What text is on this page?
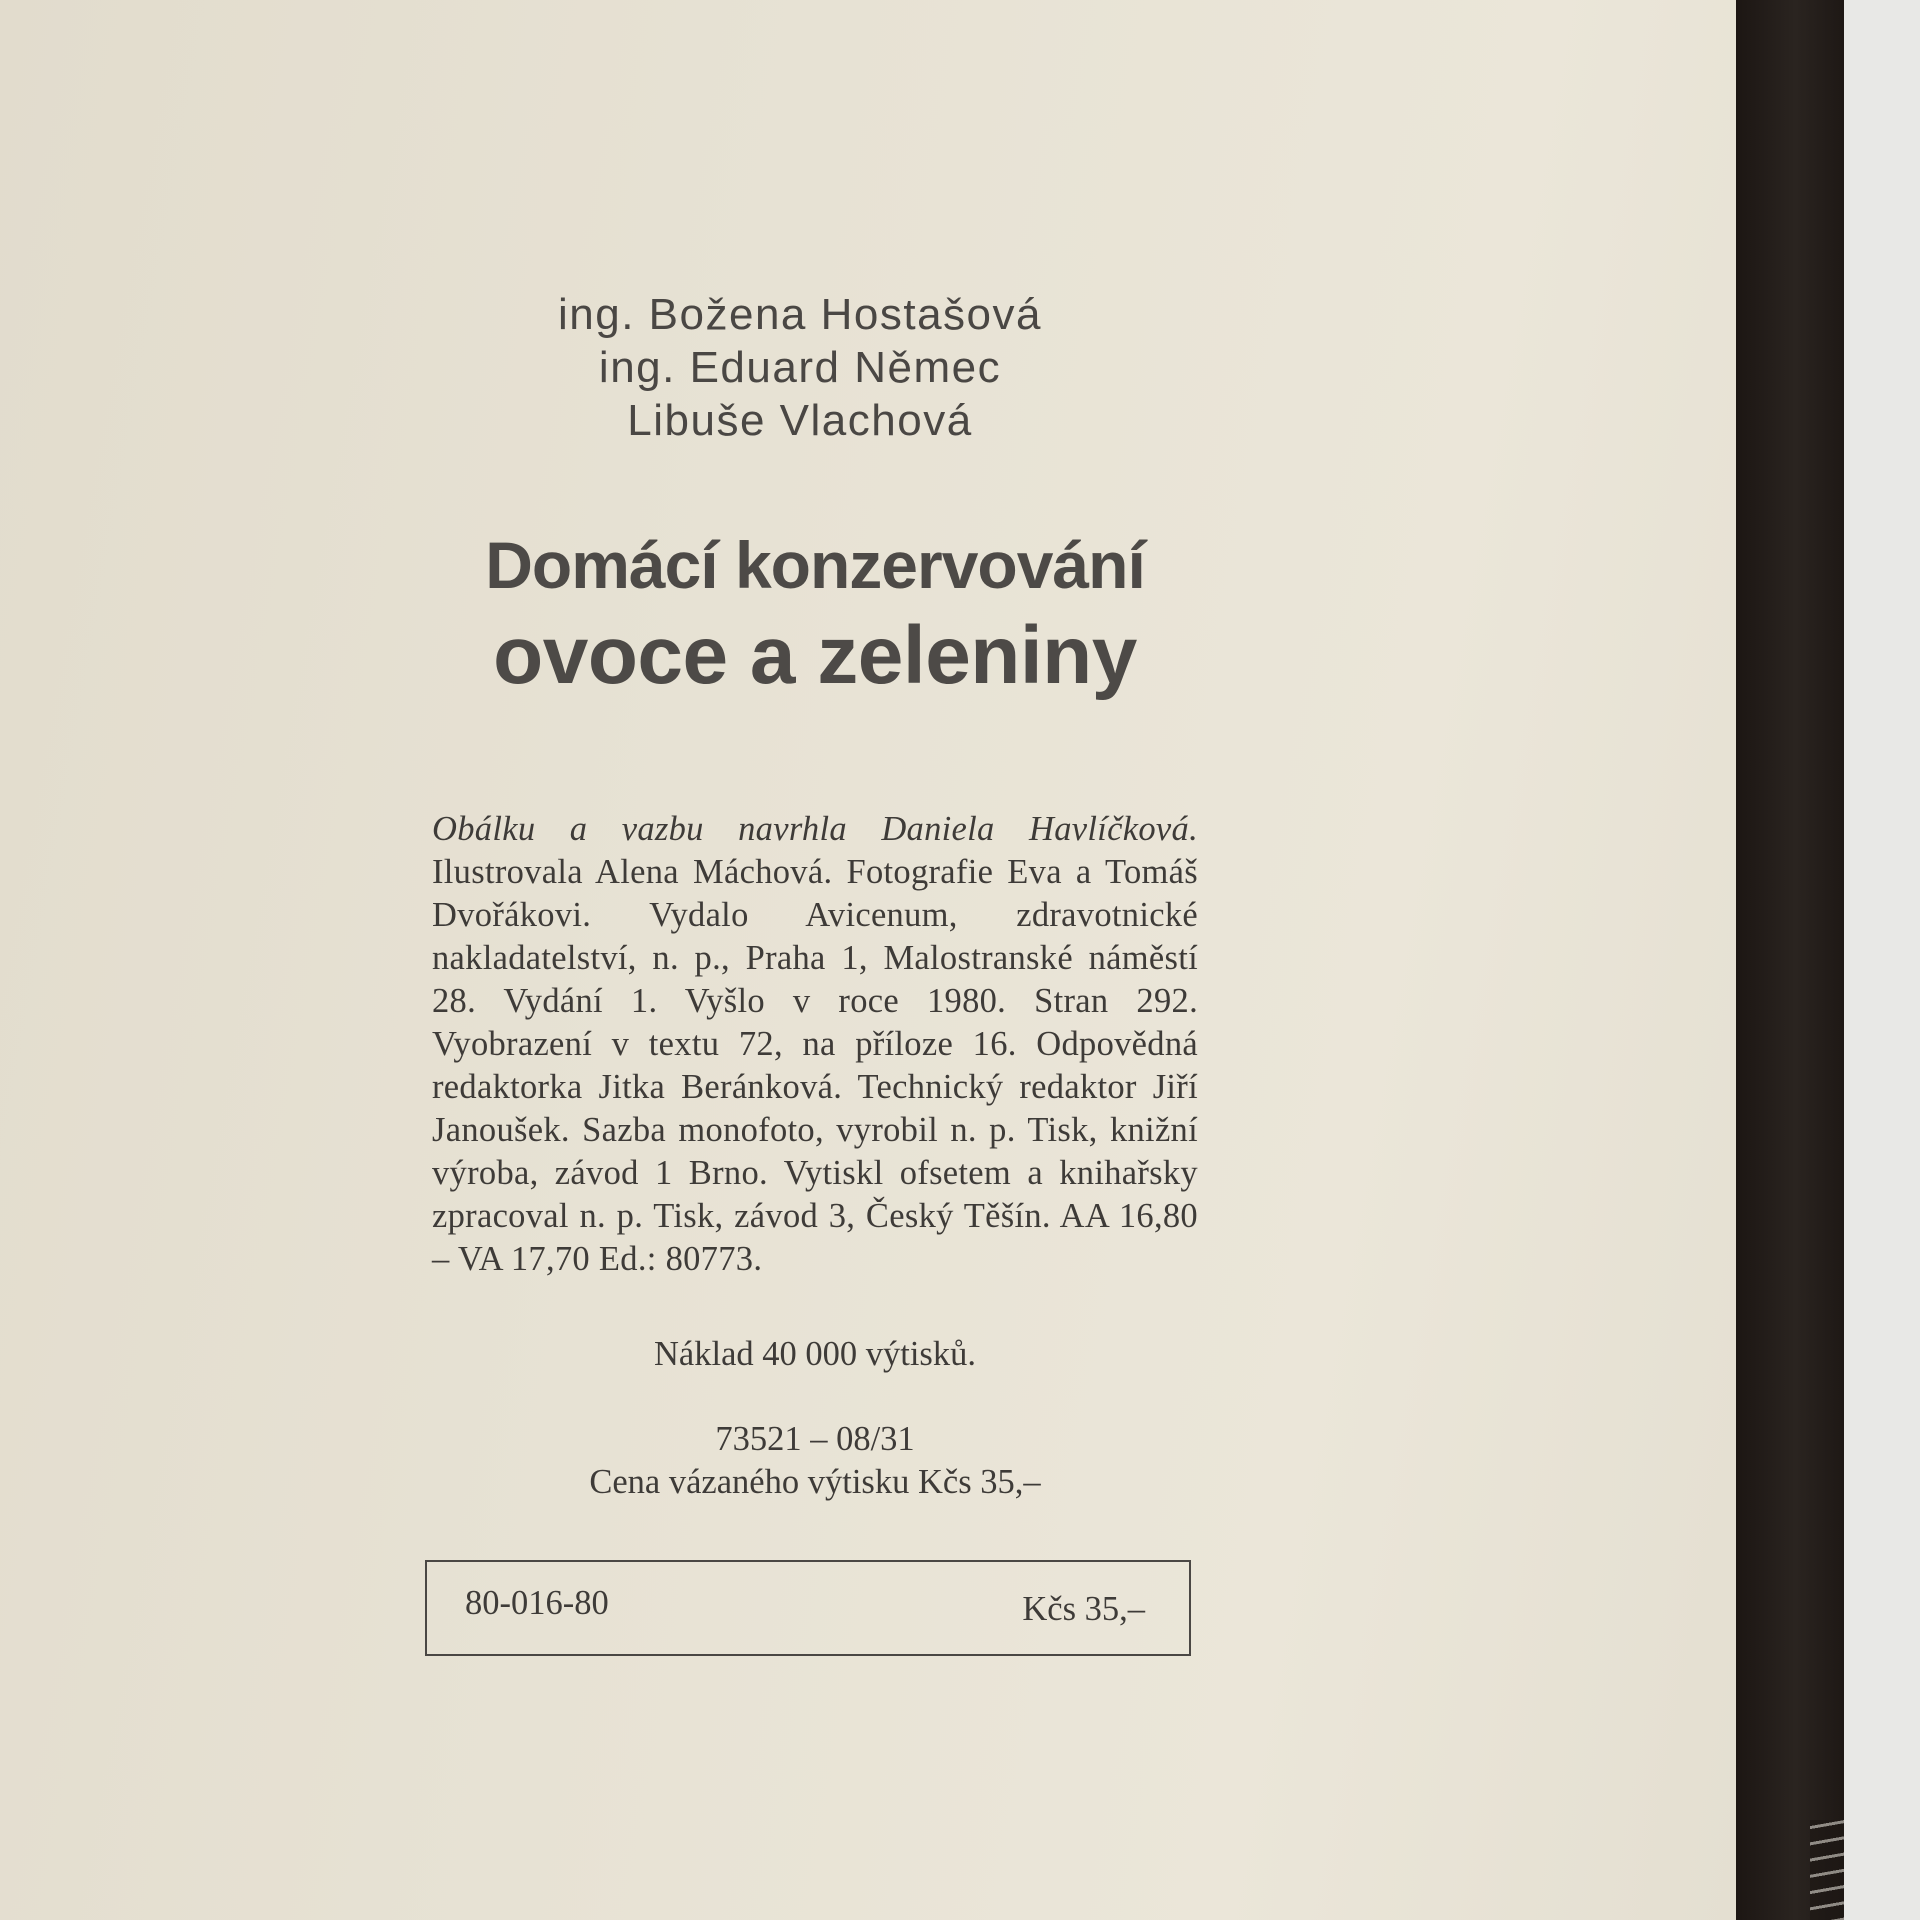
ing. Božena Hostašová
ing. Eduard Němec
Libuše Vlachová
Domácí konzervování
ovoce a zeleniny
Obálku a vazbu navrhla Daniela Havlíčková. Ilustrovala Alena Máchová. Fotografie Eva a Tomáš Dvořákovi. Vydalo Avicenum, zdravotnické nakladatelství, n. p., Praha 1, Malostranské náměstí 28. Vydání 1. Vyšlo v roce 1980. Stran 292. Vyobrazení v textu 72, na příloze 16. Odpovědná redaktorka Jitka Beránková. Technický redaktor Jiří Janoušek. Sazba monofoto, vyrobil n. p. Tisk, knižní výroba, závod 1 Brno. Vytiskl ofsetem a knihařsky zpracoval n. p. Tisk, závod 3, Český Těšín. AA 16,80 – VA 17,70 Ed.: 80773.
Náklad 40 000 výtisků.
73521 – 08/31
Cena vázaného výtisku Kčs 35,–
80-016-80	Kčs 35,–
